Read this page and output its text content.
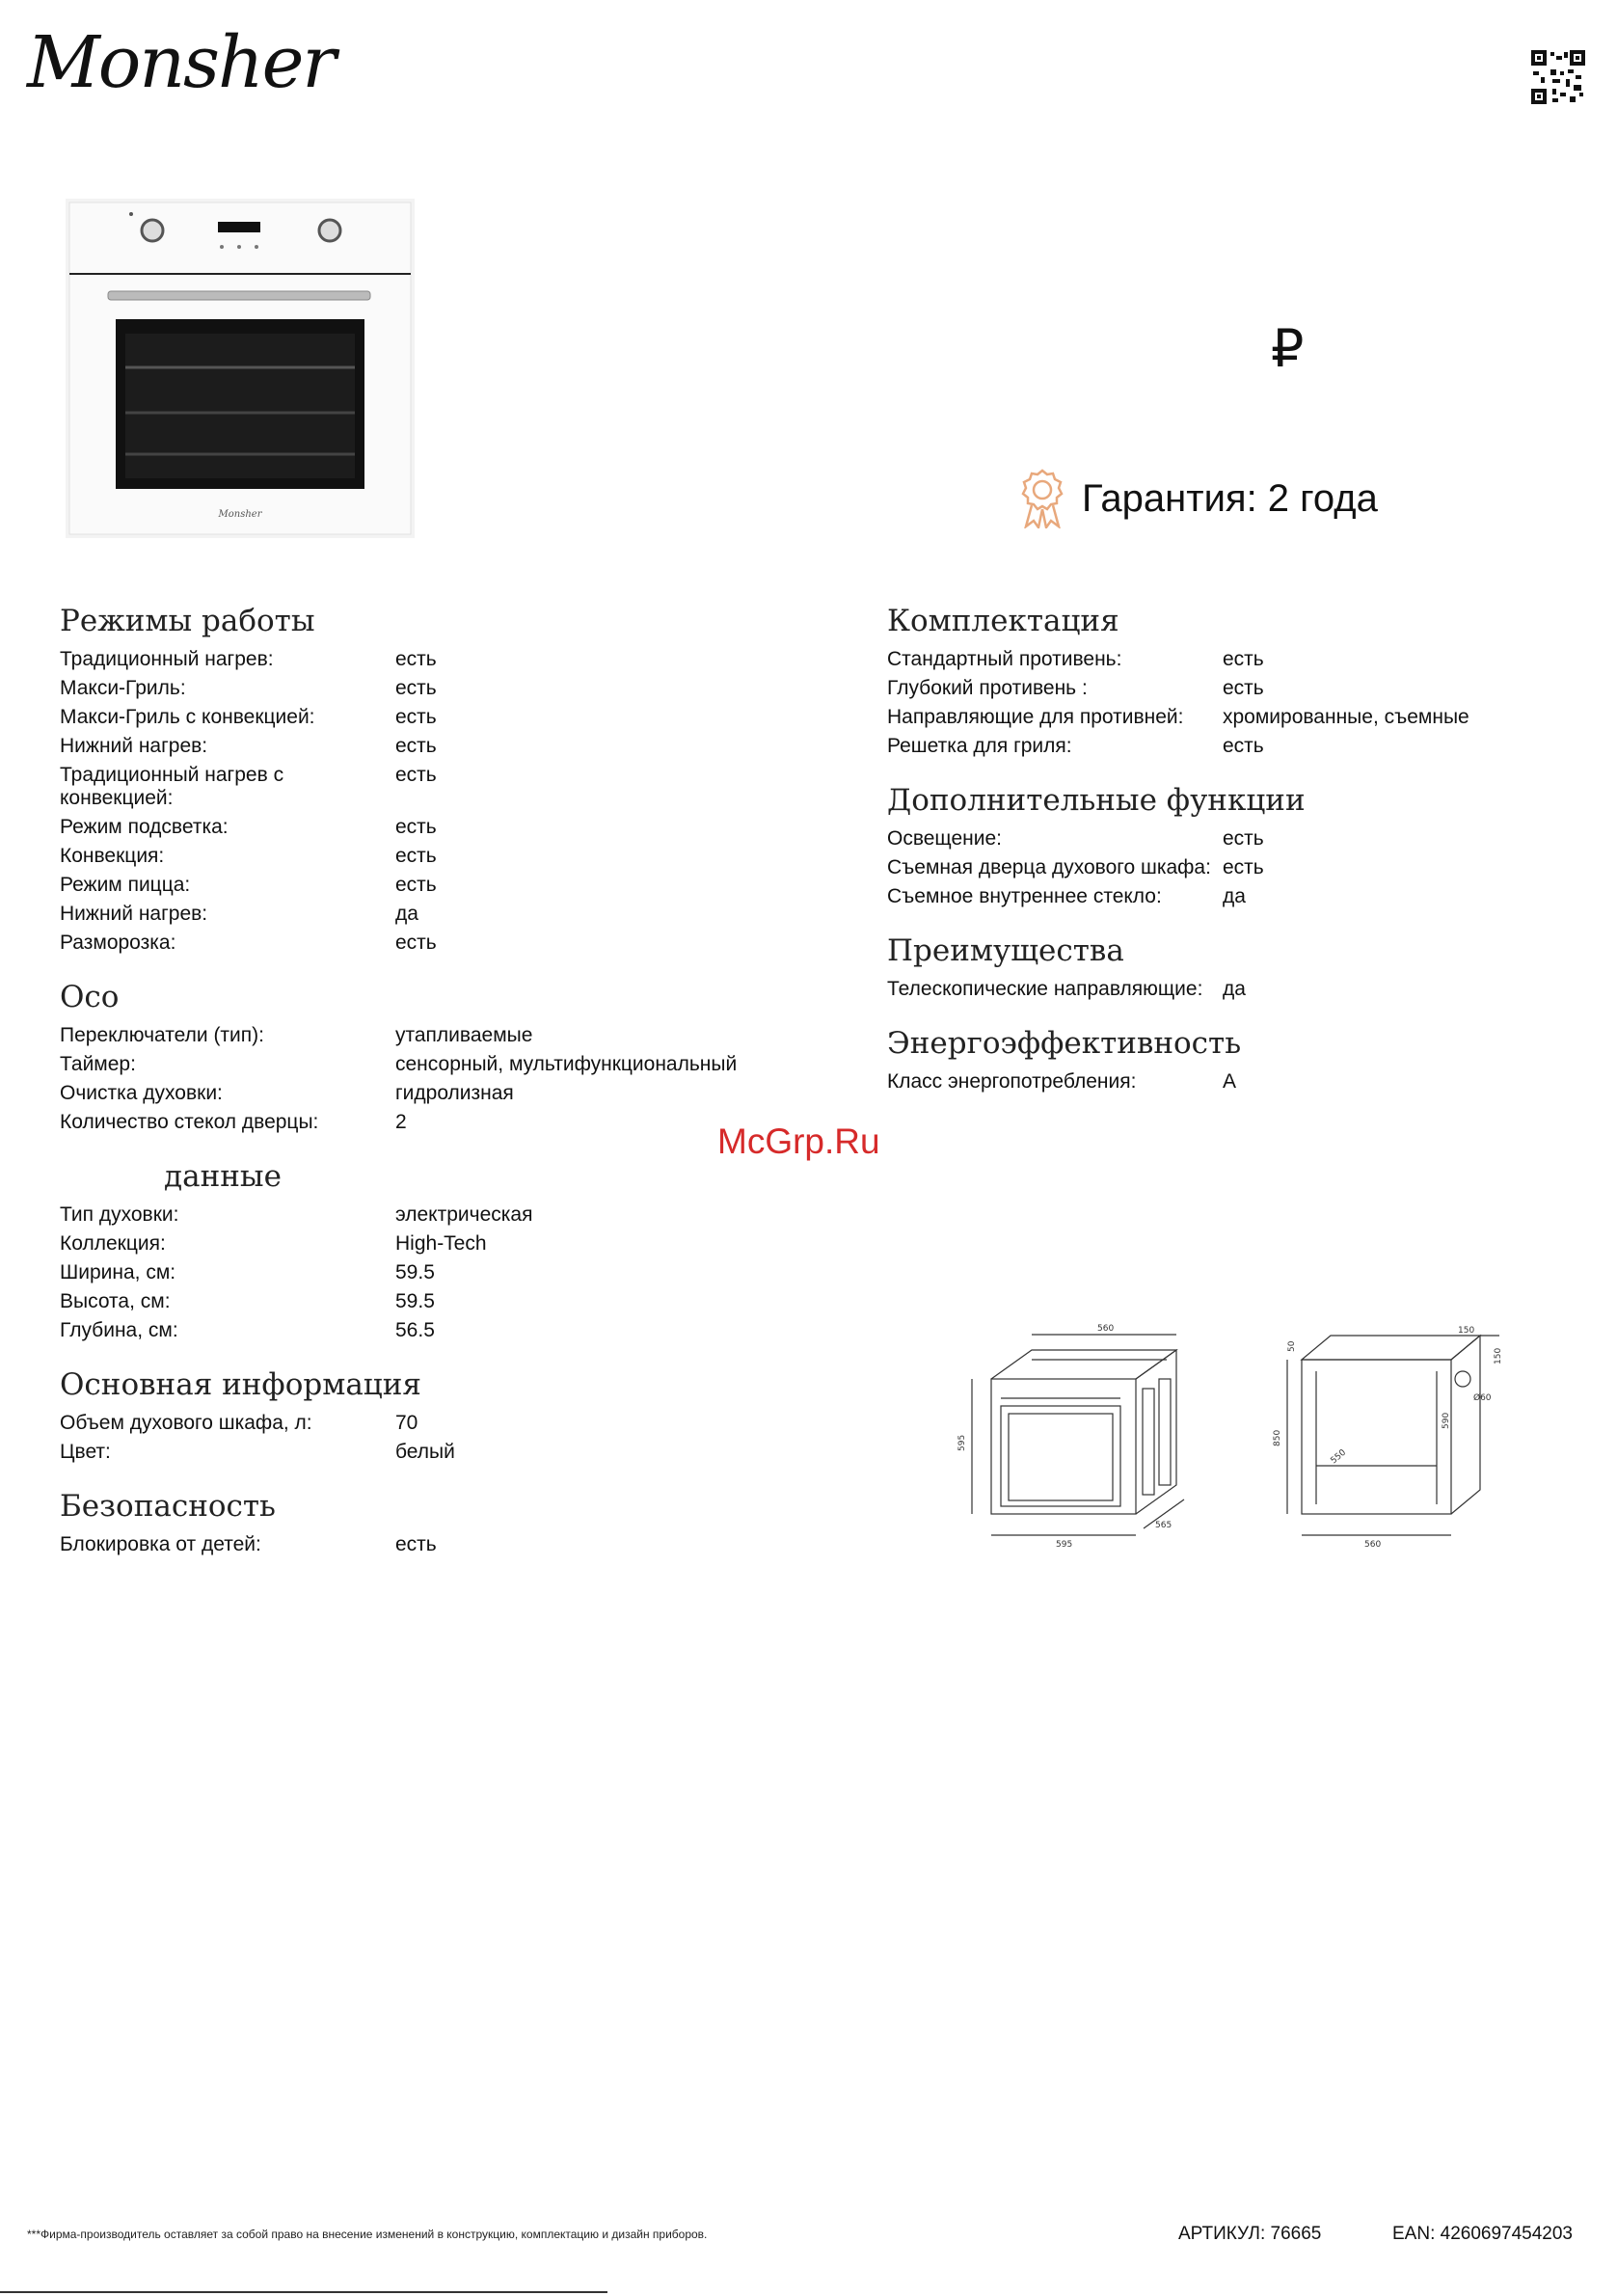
Monsher
Monsher
₽
Гарантия: 2 года
Режимы работы
Традиционный нагрев:	есть
Макси-Гриль:	есть
Макси-Гриль с конвекцией:	есть
Нижний нагрев:	есть
Традиционный нагрев с конвекцией:
есть
Режим подсветка:	есть
Конвекция:	есть
Режим пицца:	есть
Нижний нагрев:	да
Разморозка:	есть
Осо
Переключатели (тип):	утапливаемые
Таймер:	сенсорный, мультифункциональный
Очистка духовки:	гидролизная
Количество стекол дверцы:	2
данные
Тип духовки:	электрическая
Коллекция:	High-Tech
Ширина, см:	59.5
Высота, см:	59.5
Глубина, см:	56.5
Основная информация
Объем духового шкафа, л:	70
Цвет:	белый
Безопасность
Блокировка от детей:	есть
Комплектация
Стандартный противень:	есть
Глубокий противень :	есть
Направляющие для противней:	хромированные, съемные
Решетка для гриля:	есть
Дополнительные функции
Освещение:	есть
Съемная дверца духового шкафа: есть
Съемное внутреннее стекло:	да
Преимущества
Телескопические направляющие: да
Энергоэффективность
Класс энергопотребления:	A
McGrp.Ru
595
595
560
565
850
560
550
590
50
150
150
Ø60
***Фирма-производитель оставляет за собой право на внесение изменений в конструкцию, комплектацию и дизайн приборов.	АРТИКУЛ: 76665	EAN: 4260697454203
